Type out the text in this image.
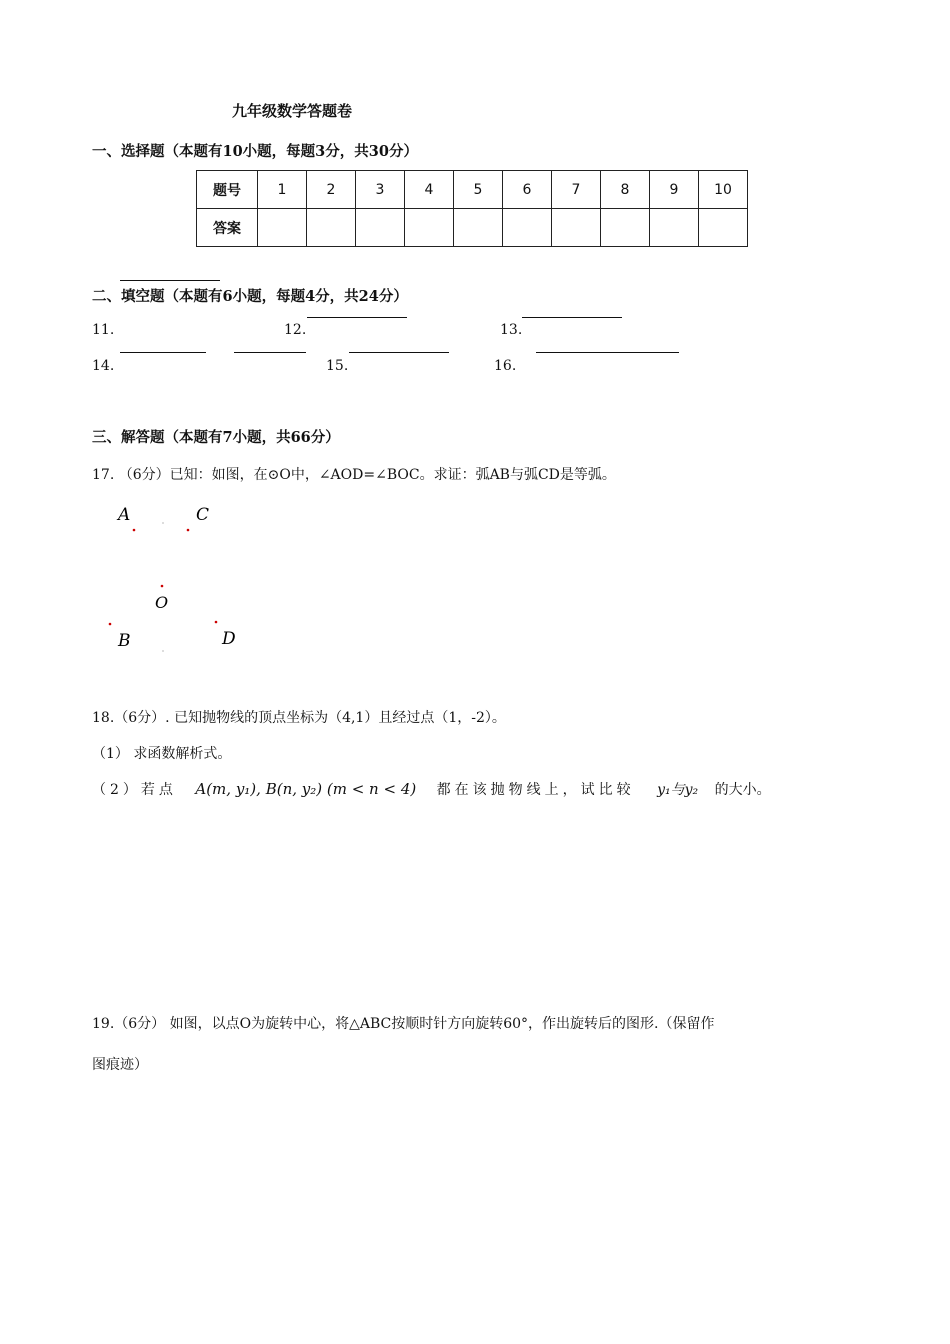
九年级数学答题卷
一、选择题（本题有10小题，每题3分，共30分）
题号	1	2	3	4	5	6	7	8	9	10
答案										
二、填空题（本题有6小题，每题4分，共24分）
11.	12.	13.
14.	15.	16.
三、解答题（本题有7小题，共66分）
17. （6分）已知：如图，在⊙O中，∠AOD=∠BOC。求证：弧AB与弧CD是等弧。
A	C
O
B	D
18.（6分）. 已知抛物线的顶点坐标为（4,1）且经过点（1，-2）。
（1） 求函数解析式。
（2）若点 A(m, y₁), B(n, y₂) (m < n < 4) 都在该抛物线上，试比较 y₁与y₂ 的大小。
19.（6分） 如图，以点O为旋转中心，将△ABC按顺时针方向旋转60°，作出旋转后的图形.（保留作
图痕迹）
